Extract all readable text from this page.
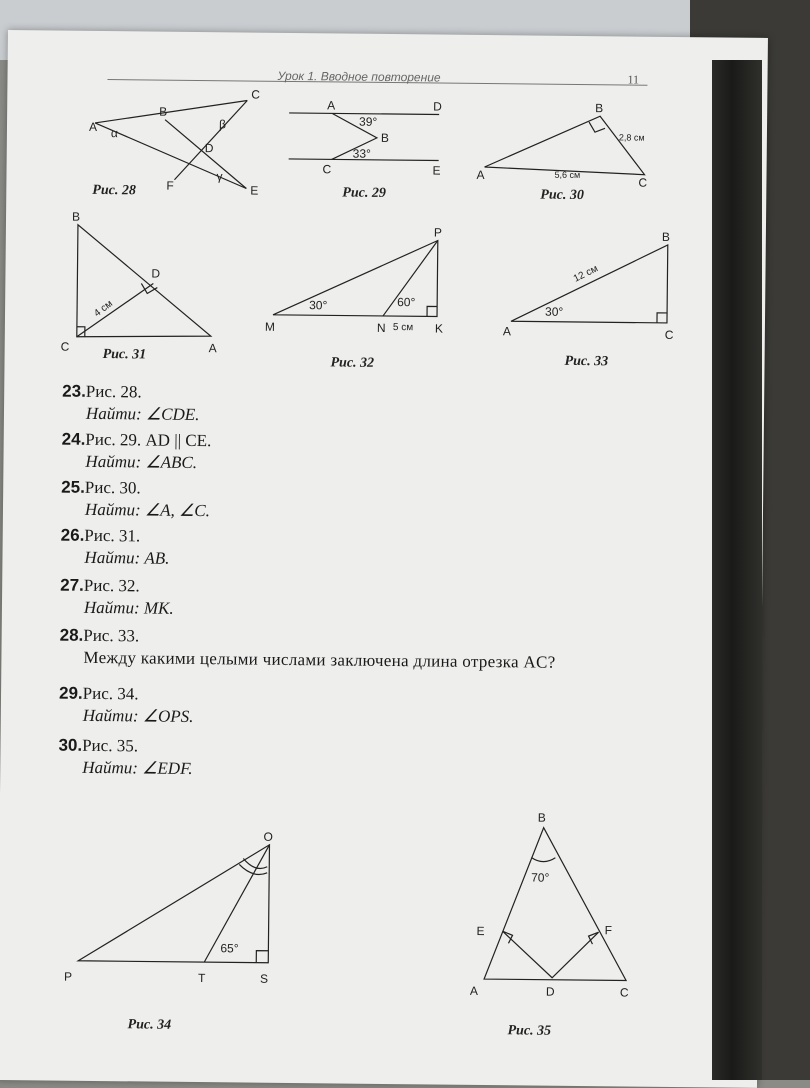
Урок 1. Вводное повторение	11
A
B
C
D
E
F
α
β
γ
A	D
B
C	E
39°
33°
A
B
C
2,8 см
5,6 см
B
D
C	A
4 см
P
M	N	K
30°	60°
5 см
B
A	C
12 см
30°
O
P	T	S
65°
B
E	F
A	D	C
70°
Рис. 28	Рис. 29	Рис. 30
Рис. 31
Рис. 32	Рис. 33
Рис. 34	Рис. 35
23.Рис. 28.
Найти: ∠CDE.
24.Рис. 29. AD || CE.
Найти: ∠ABC.
25.Рис. 30.
Найти: ∠A, ∠C.
26.Рис. 31.
Найти: AB.
27.Рис. 32.
Найти: MK.
28.Рис. 33.
Между какими целыми числами заключена длина отрезка AC?
29.Рис. 34.
Найти: ∠OPS.
30.Рис. 35.
Найти: ∠EDF.
